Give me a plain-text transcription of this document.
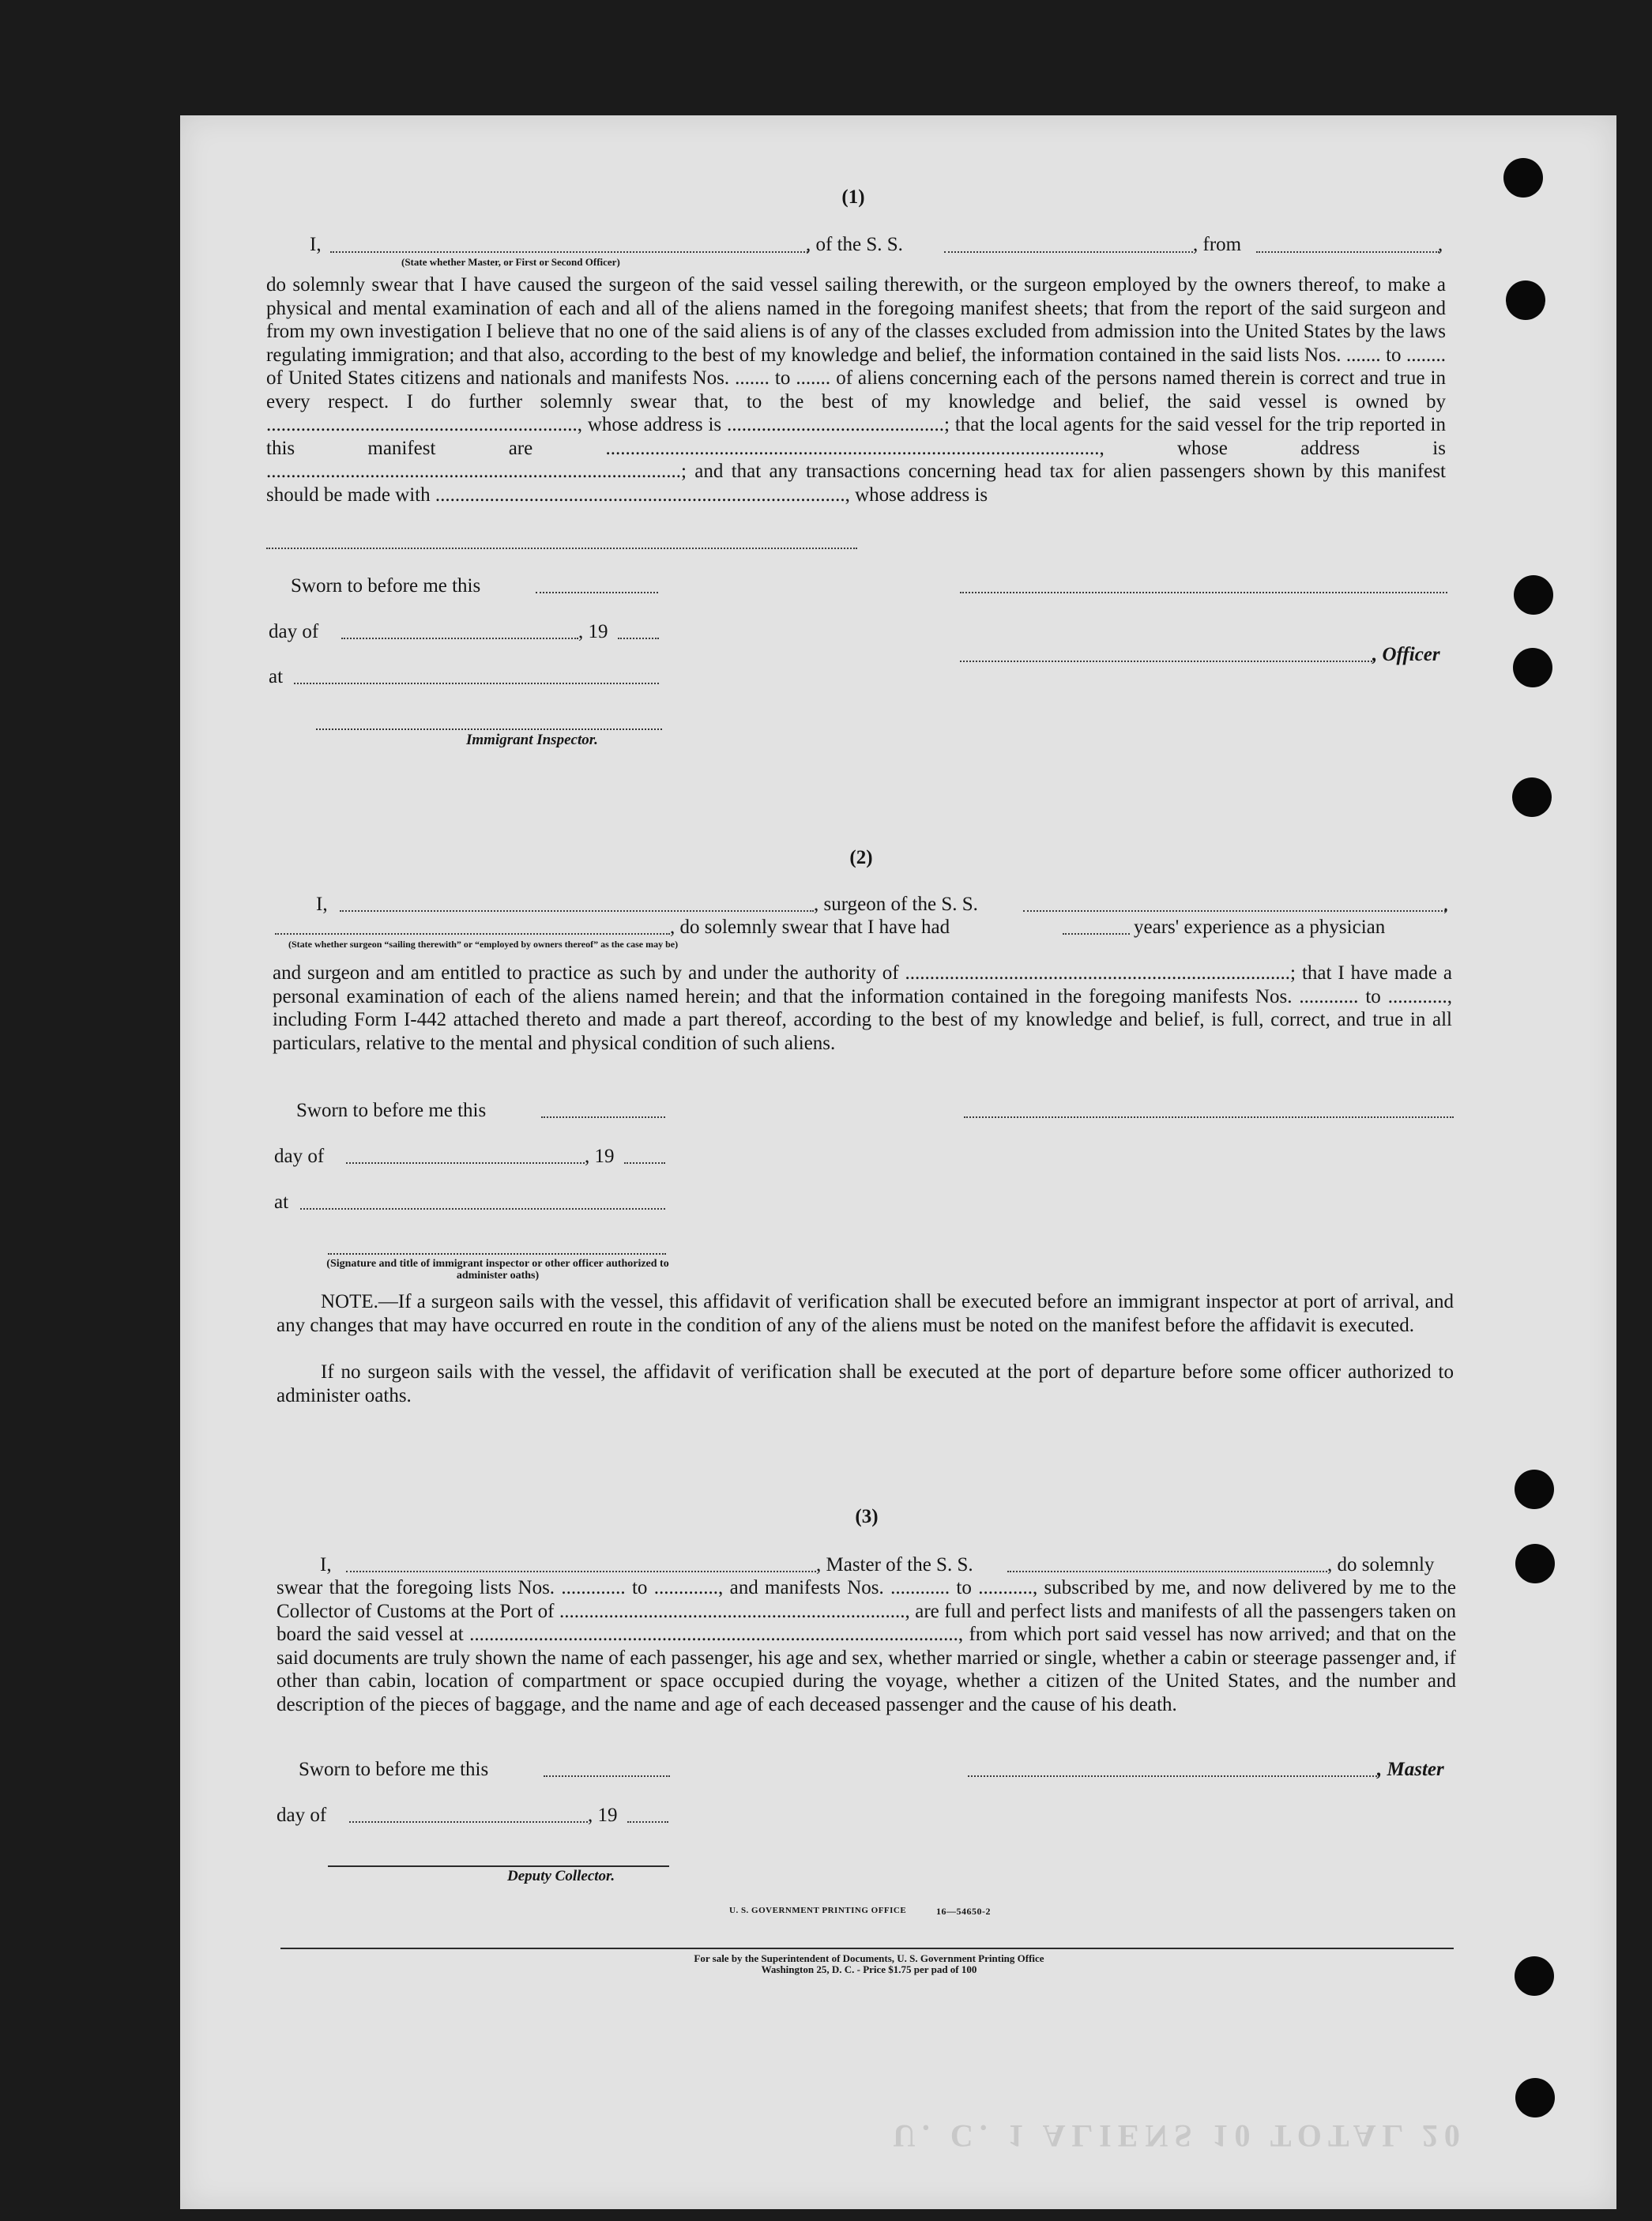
U. C. 1 ALIENS 10 TOTAL 20
(1)
I,	, of the S. S.	, from	,
(State whether Master, or First or Second Officer)
do solemnly swear that I have caused the surgeon of the said vessel sailing therewith, or the surgeon employed by the owners thereof, to make a physical and mental examination of each and all of the aliens named in the foregoing manifest sheets; that from the report of the said surgeon and from my own investigation I believe that no one of the said aliens is of any of the classes excluded from admission into the United States by the laws regulating immigration; and that also, according to the best of my knowledge and belief, the information contained in the said lists Nos. ....... to ........ of United States citizens and nationals and manifests Nos. ....... to ....... of aliens concerning each of the persons named therein is correct and true in every respect. I do further solemnly swear that, to the best of my knowledge and belief, the said vessel is owned by ..............................................................., whose address is ............................................; that the local agents for the said vessel for the trip reported in this manifest are ...................................................................................................., whose address is ....................................................................................; and that any transactions concerning head tax for alien passengers shown by this manifest should be made with ..................................................................................., whose address is
Sworn to before me this
day of	, 19
, Officer
at
Immigrant Inspector.
(2)
I,	, surgeon of the S. S.	,
, do solemnly swear that I have had	years' experience as a physician
(State whether surgeon “sailing therewith” or “employed by owners thereof” as the case may be)
and surgeon and am entitled to practice as such by and under the authority of ..............................................................................; that I have made a personal examination of each of the aliens named herein; and that the information contained in the foregoing manifests Nos. ............ to ............, including Form I-442 attached thereto and made a part thereof, according to the best of my knowledge and belief, is full, correct, and true in all particulars, relative to the mental and physical condition of such aliens.
Sworn to before me this
day of	, 19
at
(Signature and title of immigrant inspector or other officer authorized to administer oaths)
NOTE.—If a surgeon sails with the vessel, this affidavit of verification shall be executed before an immigrant inspector at port of arrival, and any changes that may have occurred en route in the condition of any of the aliens must be noted on the manifest before the affidavit is executed.
If no surgeon sails with the vessel, the affidavit of verification shall be executed at the port of departure before some officer authorized to administer oaths.
(3)
I,	, Master of the S. S.	, do solemnly
swear that the foregoing lists Nos. ............. to ............., and manifests Nos. ............ to ..........., subscribed by me, and now delivered by me to the Collector of Customs at the Port of ......................................................................, are full and perfect lists and manifests of all the passengers taken on board the said vessel at ..................................................................................................., from which port said vessel has now arrived; and that on the said documents are truly shown the name of each passenger, his age and sex, whether married or single, whether a cabin or steerage passenger and, if other than cabin, location of compartment or space occupied during the voyage, whether a citizen of the United States, and the number and description of the pieces of baggage, and the name and age of each deceased passenger and the cause of his death.
Sworn to before me this	, Master
day of	, 19
Deputy Collector.
U. S. GOVERNMENT PRINTING OFFICE	16—54650-2
For sale by the Superintendent of Documents, U. S. Government Printing Office
Washington 25, D. C. - Price $1.75 per pad of 100
